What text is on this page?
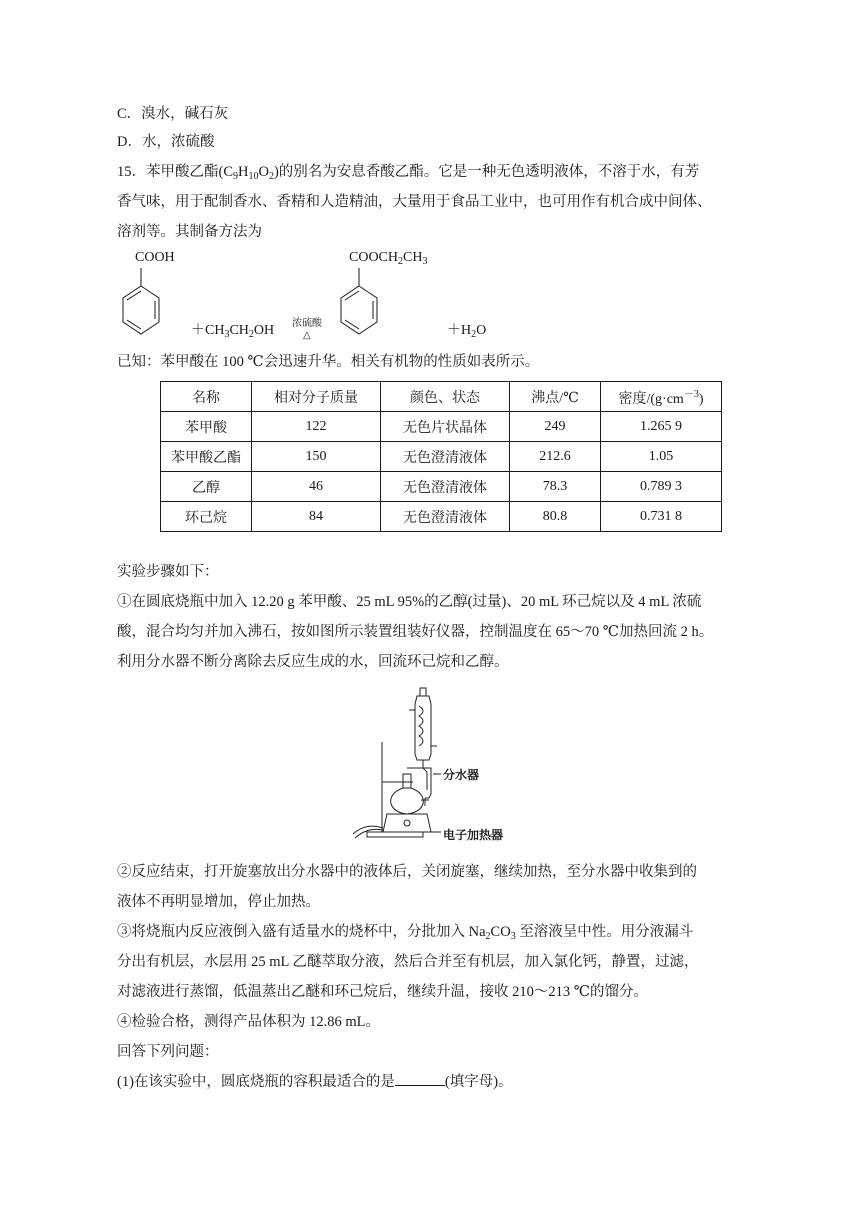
C．溴水，碱石灰
D．水，浓硫酸
15．苯甲酸乙酯$(C_9H_{10}O_2)$的别名为安息香酸乙酯。它是一种无色透明液体，不溶于水，有芳
香气味，用于配制香水、香精和人造精油，大量用于食品工业中，也可用作有机合成中间体、
溶剂等。其制备方法为
COOH
$+CH_3CH_2OH$ 浓硫酸
△
$COOCH_2CH_3$
$+H_2O$
已知：苯甲酸在 100 ℃会迅速升华。相关有机物的性质如表所示。
名称	相对分子质量	颜色、状态	沸点/℃	密度$/(g\cdot cm^{-3})$
苯甲酸	122	无色片状晶体	249	1.265 9
苯甲酸乙酯	150	无色澄清液体	212.6	1.05
乙醇	46	无色澄清液体	78.3	0.789 3
环己烷	84	无色澄清液体	80.8	0.731 8
实验步骤如下：
①在圆底烧瓶中加入 12.20 g 苯甲酸、25 mL 95%的乙醇(过量)、20 mL 环己烷以及 4 mL 浓硫
酸，混合均匀并加入沸石，按如图所示装置组装好仪器，控制温度在 65～70 ℃加热回流 2 h。
利用分水器不断分离除去反应生成的水，回流环己烷和乙醇。
分水器
电子加热器
②反应结束，打开旋塞放出分水器中的液体后，关闭旋塞，继续加热，至分水器中收集到的
液体不再明显增加，停止加热。
③将烧瓶内反应液倒入盛有适量水的烧杯中，分批加入 $Na_2CO_3$ 至溶液呈中性。用分液漏斗
分出有机层，水层用 25 mL 乙醚萃取分液，然后合并至有机层，加入氯化钙，静置，过滤，
对滤液进行蒸馏，低温蒸出乙醚和环己烷后，继续升温，接收 210～213 ℃的馏分。
④检验合格，测得产品体积为 12.86 mL。
回答下列问题：
(1)在该实验中，圆底烧瓶的容积最适合的是	(填字母)。
